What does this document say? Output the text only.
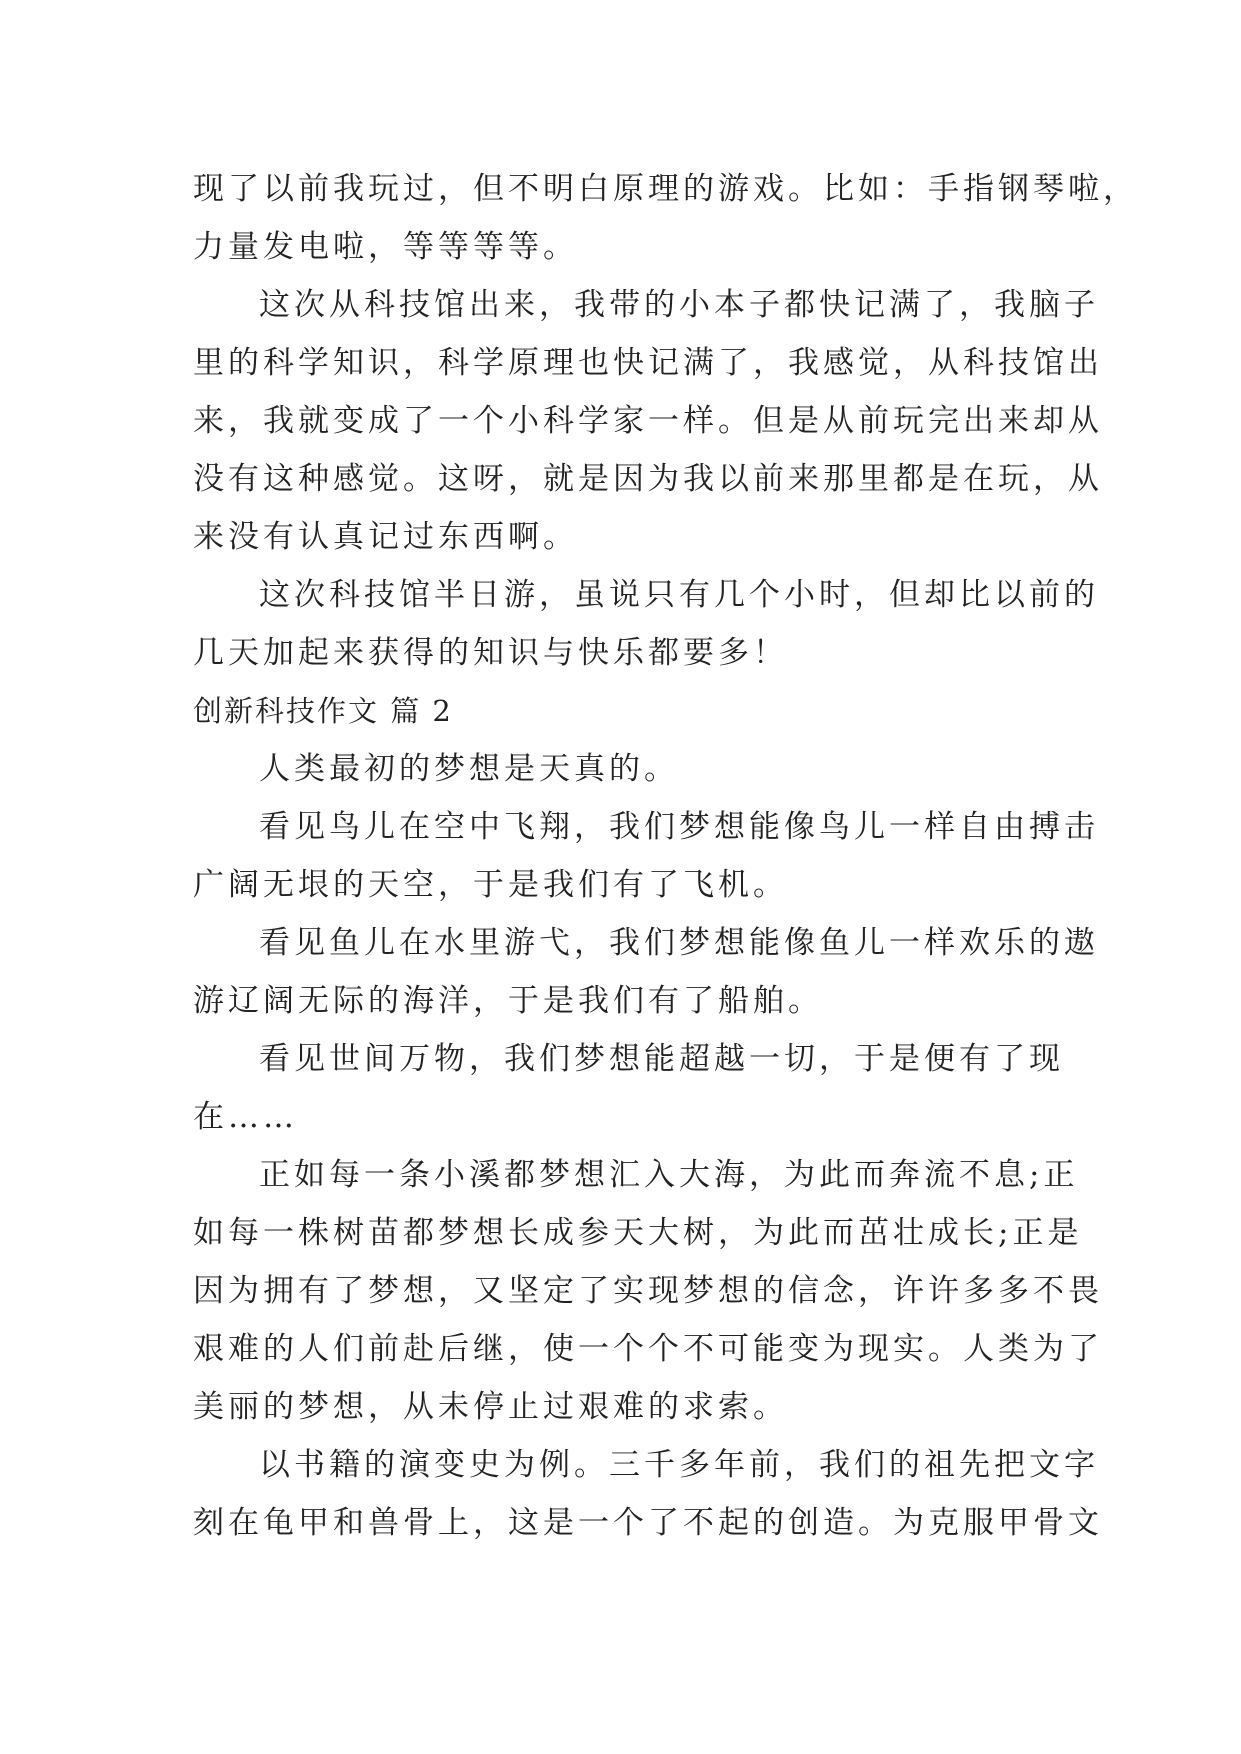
现了以前我玩过，但不明白原理的游戏。比如：手指钢琴啦，
力量发电啦，等等等等。
这次从科技馆出来，我带的小本子都快记满了，我脑子
里的科学知识，科学原理也快记满了，我感觉，从科技馆出
来，我就变成了一个小科学家一样。但是从前玩完出来却从
没有这种感觉。这呀，就是因为我以前来那里都是在玩，从
来没有认真记过东西啊。
这次科技馆半日游，虽说只有几个小时，但却比以前的
几天加起来获得的知识与快乐都要多！
创新科技作文 篇 2
人类最初的梦想是天真的。
看见鸟儿在空中飞翔，我们梦想能像鸟儿一样自由搏击
广阔无垠的天空，于是我们有了飞机。
看见鱼儿在水里游弋，我们梦想能像鱼儿一样欢乐的遨
游辽阔无际的海洋，于是我们有了船舶。
看见世间万物，我们梦想能超越一切，于是便有了现
在……
正如每一条小溪都梦想汇入大海，为此而奔流不息;正
如每一株树苗都梦想长成参天大树，为此而茁壮成长;正是
因为拥有了梦想，又坚定了实现梦想的信念，许许多多不畏
艰难的人们前赴后继，使一个个不可能变为现实。人类为了
美丽的梦想，从未停止过艰难的求索。
以书籍的演变史为例。三千多年前，我们的祖先把文字
刻在龟甲和兽骨上，这是一个了不起的创造。为克服甲骨文
